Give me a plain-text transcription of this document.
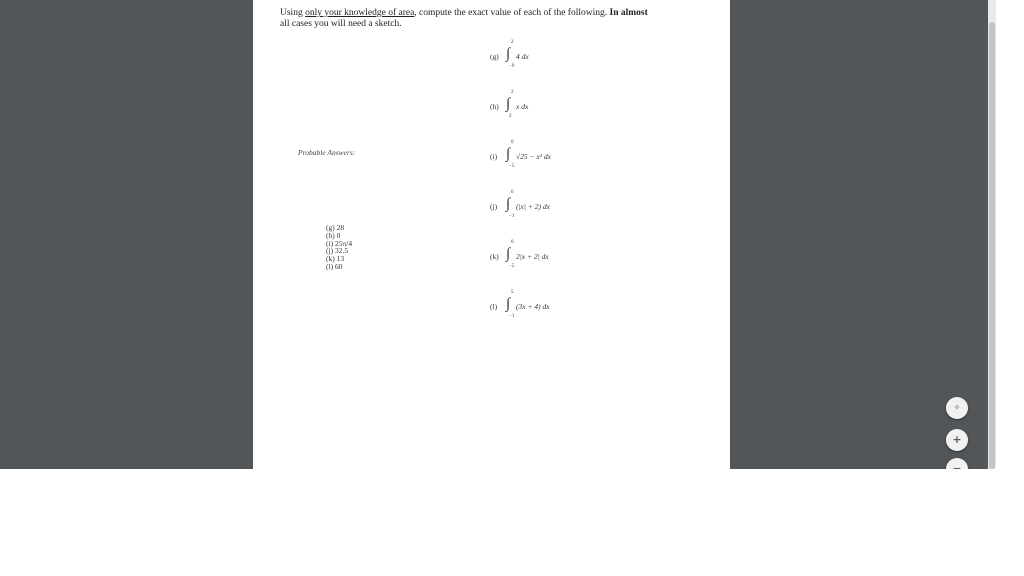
Using only your knowledge of area, compute the exact value of each of the following. In almost
all cases you will need a sketch.
Probable Answers:
(g) 28
(h) 0
(i) 25π/4
(j) 32.5
(k) 13
(l) 60
(g) ∫
2
−9
4 dx
(h) ∫
2
2
x dx
(i) ∫
0
−5
√25 − x² dx
(j) ∫
6
−1
(|x| + 2) dx
(k) ∫
0
−5
2|x + 2| dx
(l) ∫
5
−1
(3x + 4) dx
✧
+
−
